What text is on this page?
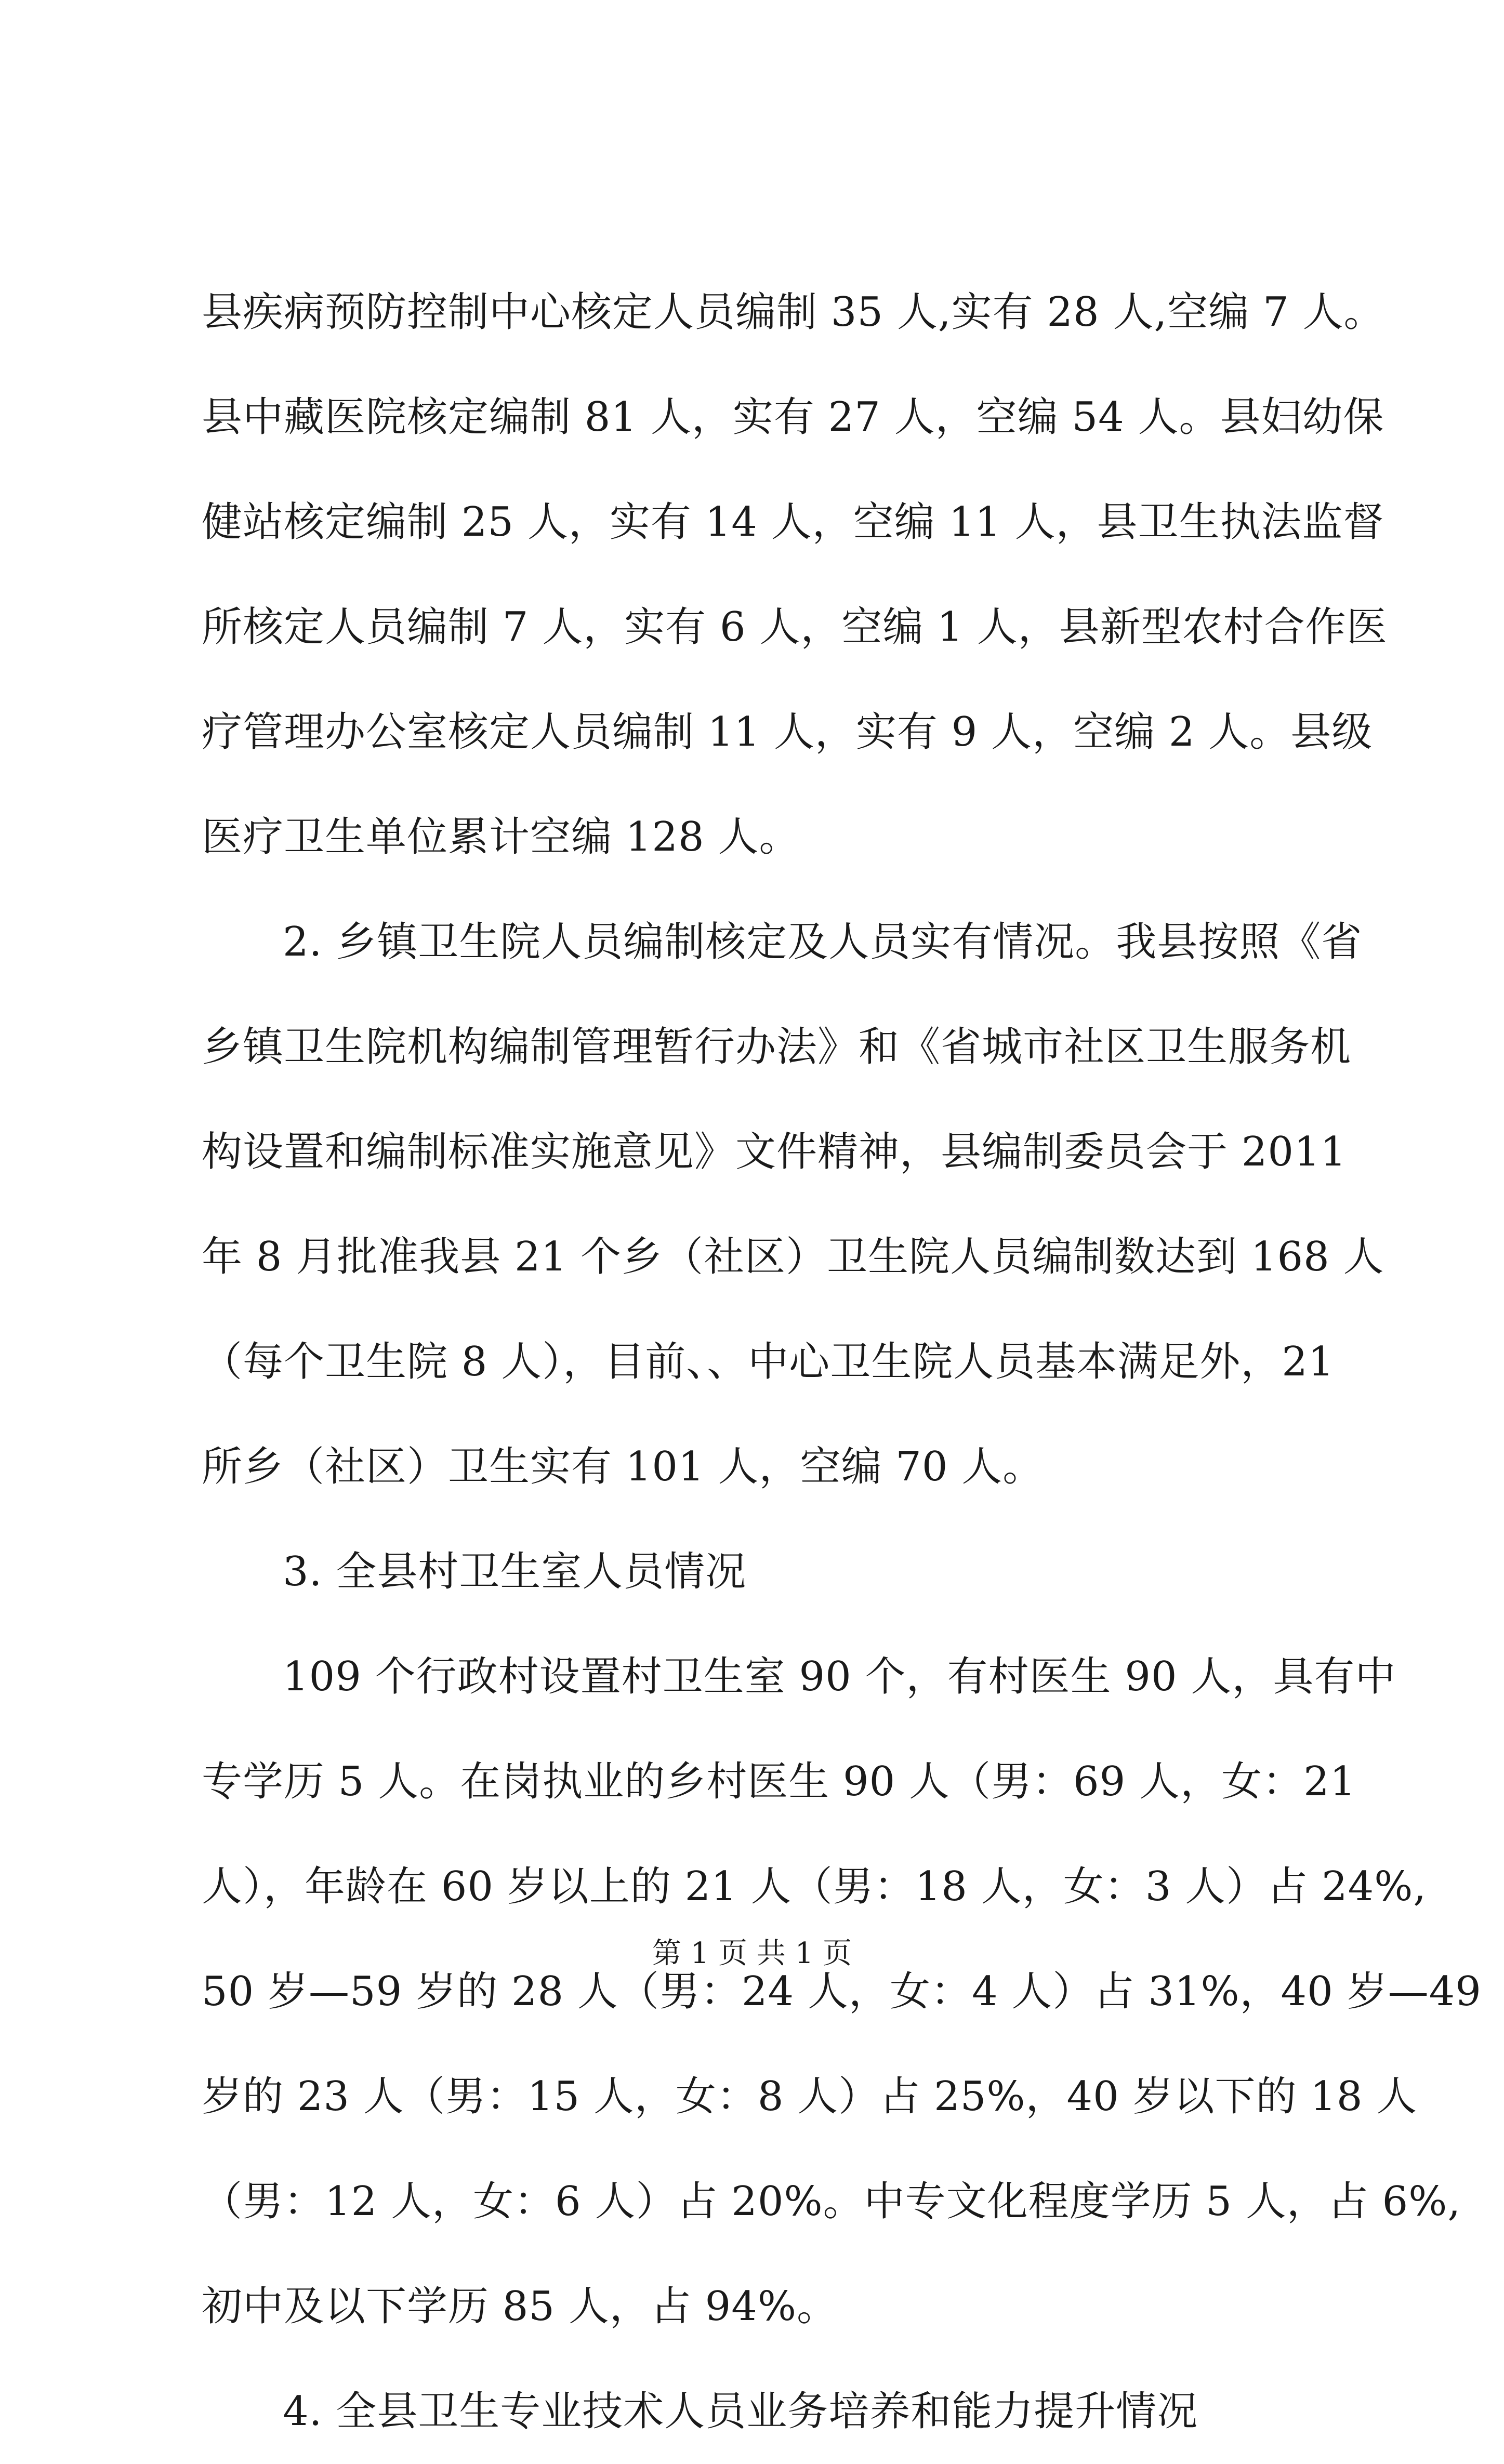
县疾病预防控制中心核定人员编制 35 人,实有 28 人,空编 7 人。
县中藏医院核定编制 81 人，实有 27 人，空编 54 人。县妇幼保
健站核定编制 25 人，实有 14 人，空编 11 人，县卫生执法监督
所核定人员编制 7 人，实有 6 人，空编 1 人，县新型农村合作医
疗管理办公室核定人员编制 11 人，实有 9 人，空编 2 人。县级
医疗卫生单位累计空编 128 人。
2. 乡镇卫生院人员编制核定及人员实有情况。我县按照《省
乡镇卫生院机构编制管理暂行办法》和《省城市社区卫生服务机
构设置和编制标准实施意见》文件精神，县编制委员会于 2011
年 8 月批准我县 21 个乡（社区）卫生院人员编制数达到 168 人
（每个卫生院 8 人），目前、、中心卫生院人员基本满足外，21
所乡（社区）卫生实有 101 人，空编 70 人。
3. 全县村卫生室人员情况
109 个行政村设置村卫生室 90 个，有村医生 90 人，具有中
专学历 5 人。在岗执业的乡村医生 90 人（男：69 人，女：21
人），年龄在 60 岁以上的 21 人（男：18 人，女：3 人）占 24%,
50 岁—59 岁的 28 人（男：24 人，女：4 人）占 31%，40 岁—49
岁的 23 人（男：15 人，女：8 人）占 25%，40 岁以下的 18 人
（男：12 人，女：6 人）占 20%。中专文化程度学历 5 人，占 6%,
初中及以下学历 85 人，占 94%。
4. 全县卫生专业技术人员业务培养和能力提升情况
第 1 页 共 1 页
